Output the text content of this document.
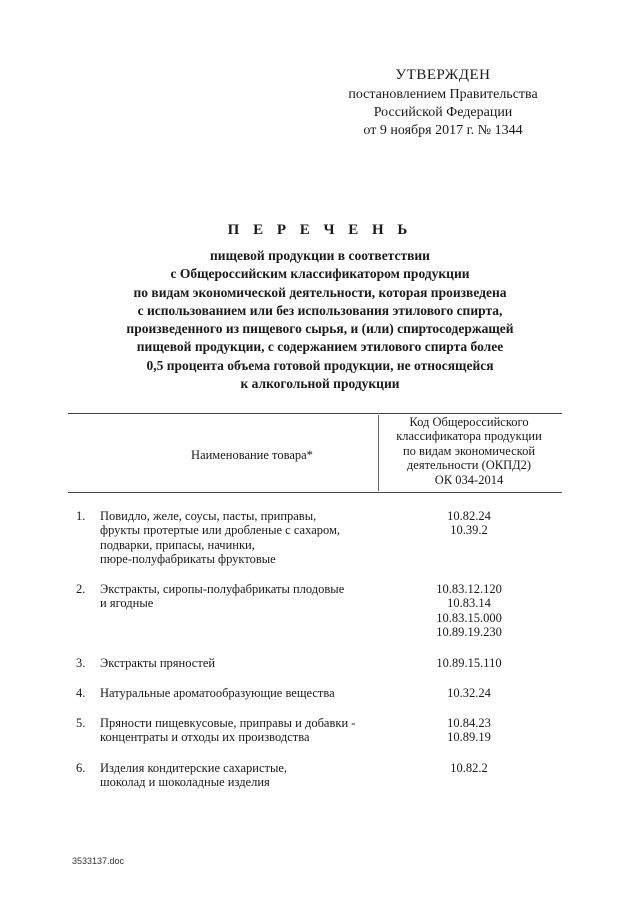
УТВЕРЖДЕН
постановлением Правительства
Российской Федерации
от 9 ноября 2017 г. № 1344
П Е Р Е Ч Е Н Ь
пищевой продукции в соответствии
с Общероссийским классификатором продукции
по видам экономической деятельности, которая произведена
с использованием или без использования этилового спирта,
произведенного из пищевого сырья, и (или) спиртосодержащей
пищевой продукции, с содержанием этилового спирта более
0,5 процента объема готовой продукции, не относящейся
к алкогольной продукции
Наименование товара*
Код Общероссийского
классификатора продукции
по видам экономической
деятельности (ОКПД2)
ОК 034-2014
1. Повидло, желе, соусы, пасты, приправы,
фрукты протертые или дробленые с сахаром,
подварки, припасы, начинки,
пюре-полуфабрикаты фруктовые
10.82.24
10.39.2
2. Экстракты, сиропы-полуфабрикаты плодовые
и ягодные
10.83.12.120
10.83.14
10.83.15.000
10.89.19.230
3. Экстракты пряностей	10.89.15.110
4. Натуральные ароматообразующие вещества	10.32.24
5. Пряности пищевкусовые, приправы и добавки -
концентраты и отходы их производства
10.84.23
10.89.19
6. Изделия кондитерские сахаристые,
шоколад и шоколадные изделия
10.82.2
3533137.doc
